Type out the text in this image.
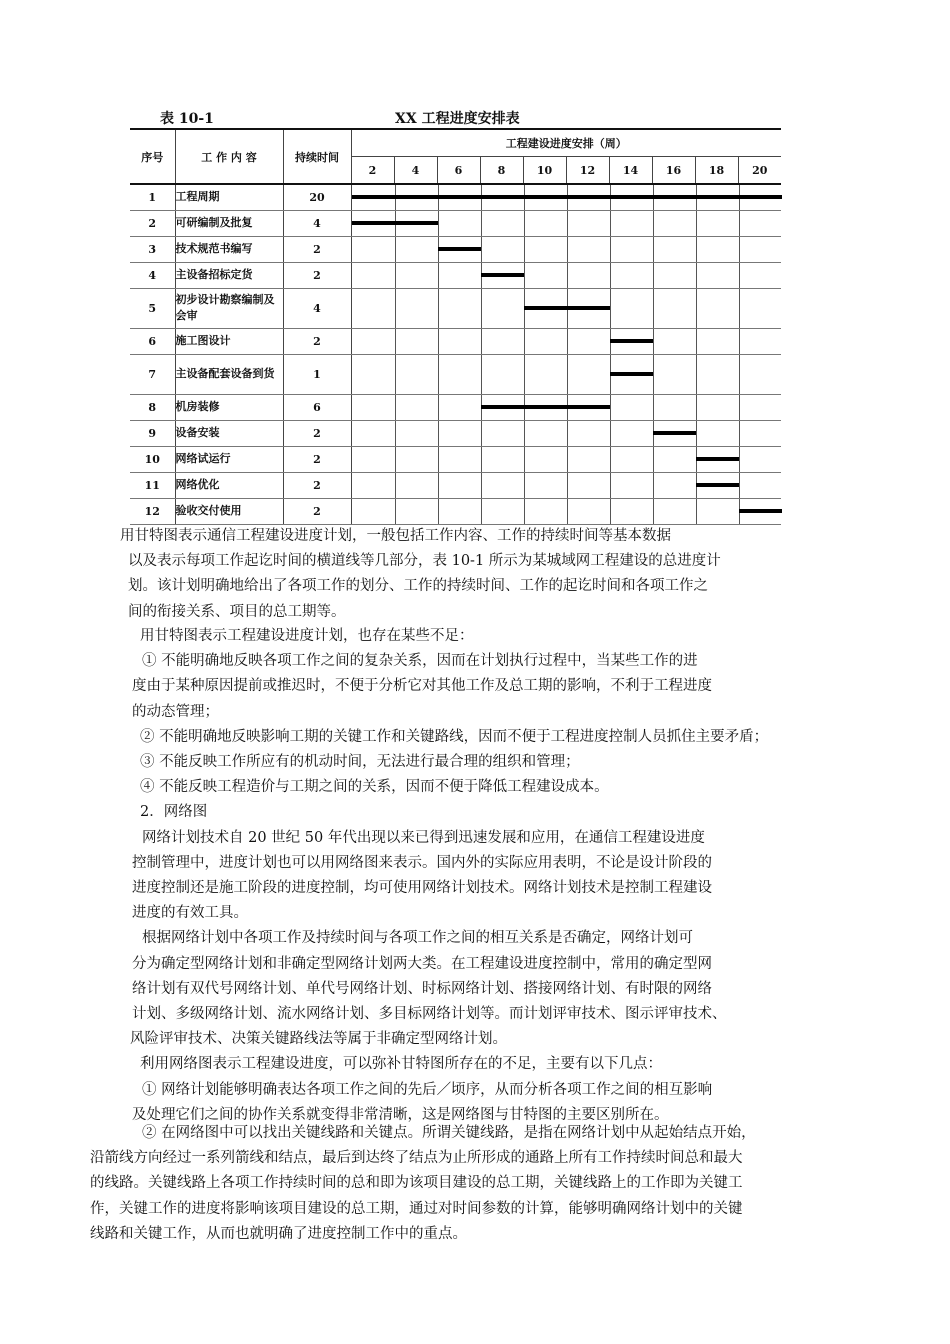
表 10-1	XX 工程进度安排表
序号	工 作 内 容	持续时间	工程建设进度安排（周）									
			2	4	6	8	10	12	14	16	18	20
1	工程周期	20										

2	可研编制及批复	4										

3	技术规范书编写	2										

4	主设备招标定货	2										

5	初步设计勘察编制及会审	4										

6	施工图设计	2										

7	主设备配套设备到货	1										

8	机房装修	6										

9	设备安装	2										

10	网络试运行	2										

11	网络优化	2										

12	验收交付使用	2										
用甘特图表示通信工程建设进度计划，一般包括工作内容、工作的持续时间等基本数据
以及表示每项工作起讫时间的横道线等几部分，表 10-1 所示为某城域网工程建设的总进度计
划。该计划明确地给出了各项工作的划分、工作的持续时间、工作的起讫时间和各项工作之
间的衔接关系、项目的总工期等。
用甘特图表示工程建设进度计划，也存在某些不足：
① 不能明确地反映各项工作之间的复杂关系，因而在计划执行过程中，当某些工作的进
度由于某种原因提前或推迟时，不便于分析它对其他工作及总工期的影响，不利于工程进度
的动态管理；
② 不能明确地反映影响工期的关键工作和关键路线，因而不便于工程进度控制人员抓住主要矛盾；
③ 不能反映工作所应有的机动时间，无法进行最合理的组织和管理；
④ 不能反映工程造价与工期之间的关系，因而不便于降低工程建设成本。
2．网络图
网络计划技术自 20 世纪 50 年代出现以来已得到迅速发展和应用，在通信工程建设进度
控制管理中，进度计划也可以用网络图来表示。国内外的实际应用表明，不论是设计阶段的
进度控制还是施工阶段的进度控制，均可使用网络计划技术。网络计划技术是控制工程建设
进度的有效工具。
根据网络计划中各项工作及持续时间与各项工作之间的相互关系是否确定，网络计划可
分为确定型网络计划和非确定型网络计划两大类。在工程建设进度控制中，常用的确定型网
络计划有双代号网络计划、单代号网络计划、时标网络计划、搭接网络计划、有时限的网络
计划、多级网络计划、流水网络计划、多目标网络计划等。而计划评审技术、图示评审技术、
风险评审技术、决策关键路线法等属于非确定型网络计划。
利用网络图表示工程建设进度，可以弥补甘特图所存在的不足，主要有以下几点：
① 网络计划能够明确表达各项工作之间的先后／顷序，从而分析各项工作之间的相互影响
及处理它们之间的协作关系就变得非常清晰，这是网络图与甘特图的主要区别所在。
② 在网络图中可以找出关键线路和关键点。所谓关键线路，是指在网络计划中从起始结点开始，
沿箭线方向经过一系列箭线和结点，最后到达终了结点为止所形成的通路上所有工作持续时间总和最大
的线路。关键线路上各项工作持续时间的总和即为该项目建设的总工期，关键线路上的工作即为关键工
作，关键工作的进度将影响该项目建设的总工期，通过对时间参数的计算，能够明确网络计划中的关键
线路和关键工作，从而也就明确了进度控制工作中的重点。
